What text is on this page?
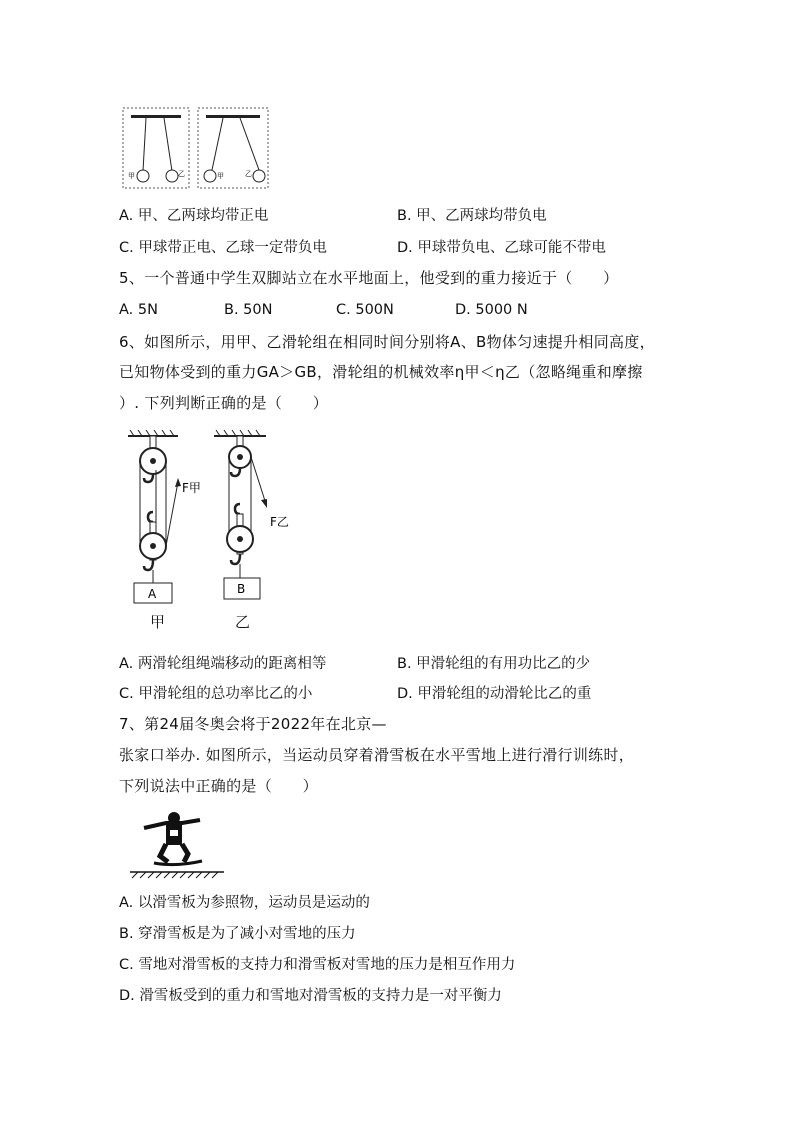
甲	乙	甲	乙
A. 甲、乙两球均带正电	B. 甲、乙两球均带负电
C. 甲球带正电、乙球一定带负电	D. 甲球带负电、乙球可能不带电
5、一个普通中学生双脚站立在水平地面上，他受到的重力接近于（　　）
A. 5N	B. 50N	C. 500N	D. 5000 N
6、如图所示，用甲、乙滑轮组在相同时间分别将A、B物体匀速提升相同高度，
已知物体受到的重力GA＞GB，滑轮组的机械效率η甲＜η乙（忽略绳重和摩擦
）. 下列判断正确的是（　　）
F甲
A
F乙
B
甲	乙
A. 两滑轮组绳端移动的距离相等	B. 甲滑轮组的有用功比乙的少
C. 甲滑轮组的总功率比乙的小	D. 甲滑轮组的动滑轮比乙的重
7、第24届冬奥会将于2022年在北京—
张家口举办. 如图所示，当运动员穿着滑雪板在水平雪地上进行滑行训练时，
下列说法中正确的是（　　）
A. 以滑雪板为参照物，运动员是运动的
B. 穿滑雪板是为了减小对雪地的压力
C. 雪地对滑雪板的支持力和滑雪板对雪地的压力是相互作用力
D. 滑雪板受到的重力和雪地对滑雪板的支持力是一对平衡力
